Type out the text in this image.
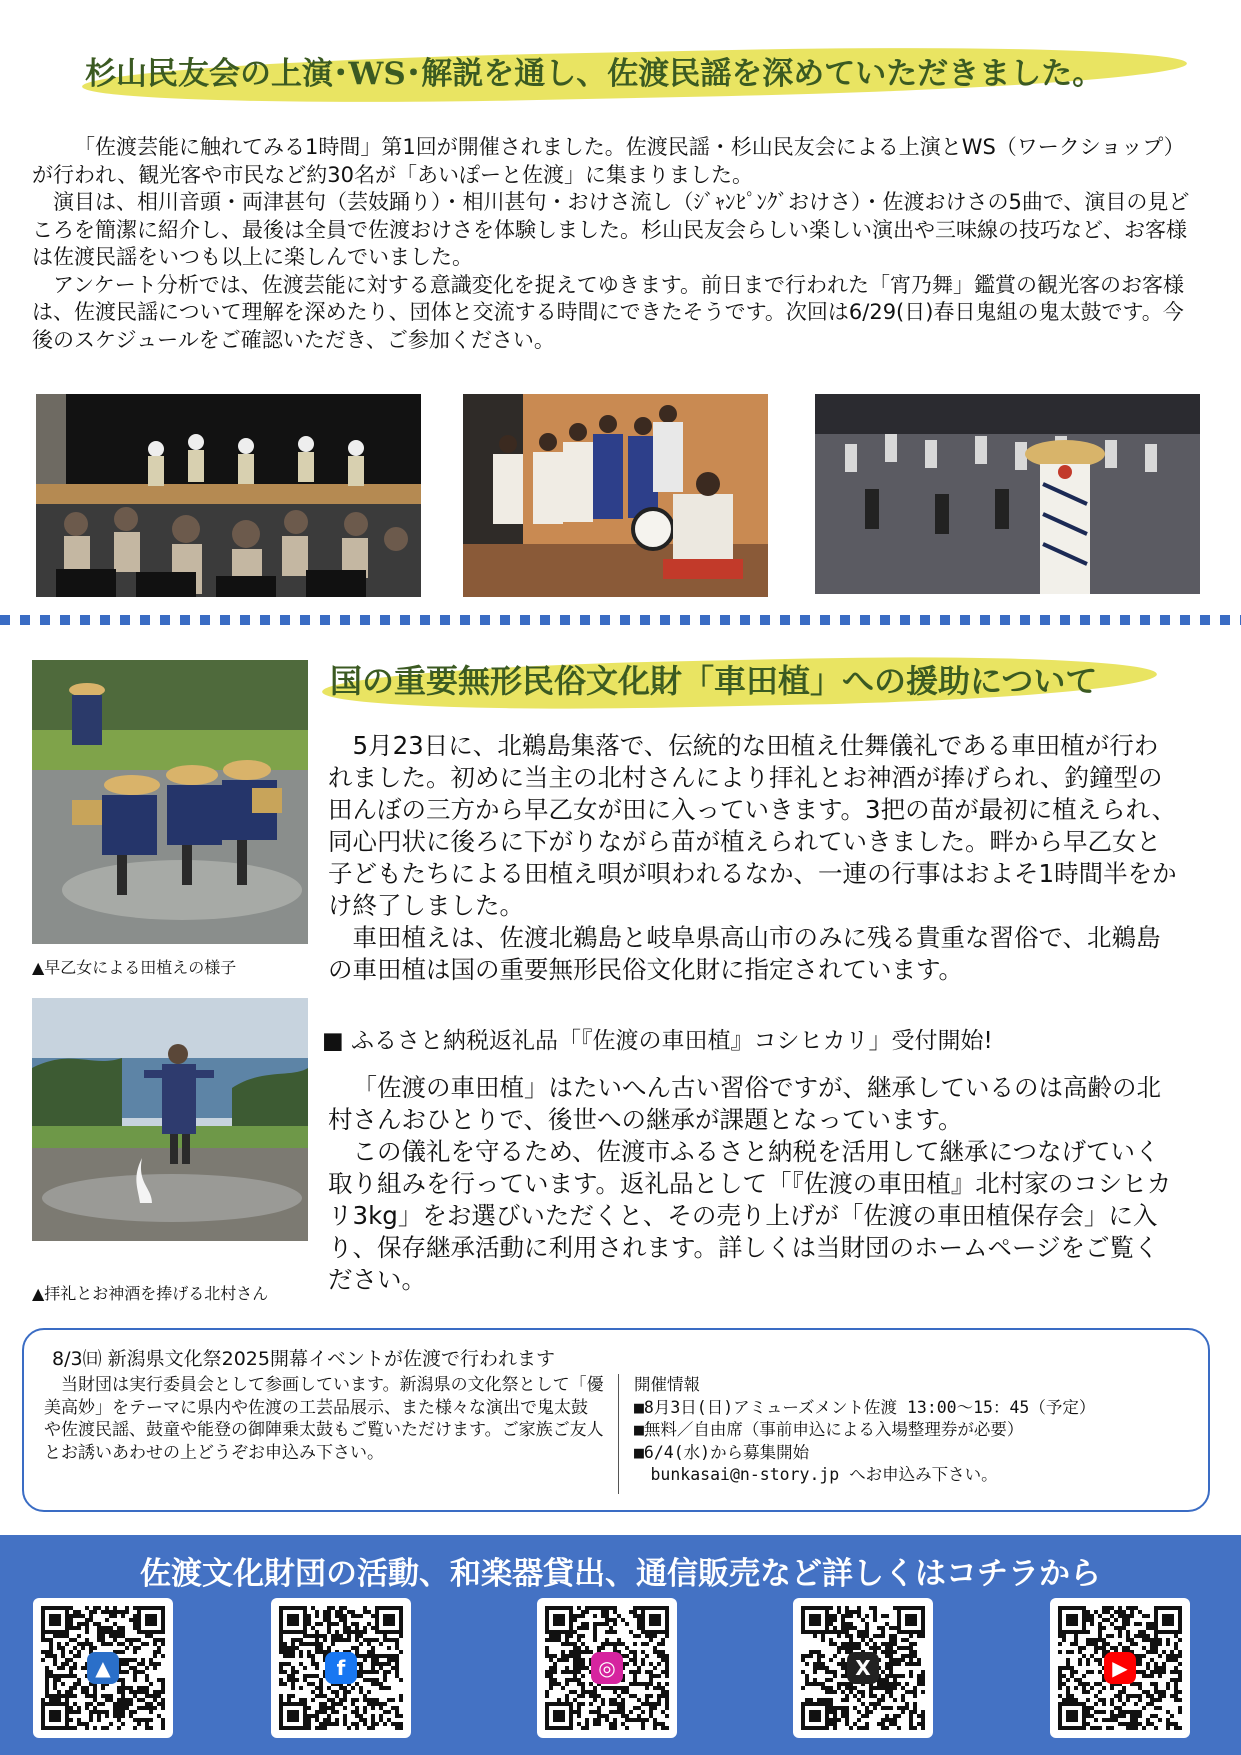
杉山民友会の上演･WS･解説を通し、佐渡民謡を深めていただきました。

「佐渡芸能に触れてみる1時間」第1回が開催されました。佐渡民謡・杉山民友会による上演とWS（ワークショップ）が行われ、観光客や市民など約30名が「あいぽーと佐渡」に集まりました。

演目は、相川音頭・両津甚句（芸妓踊り）・相川甚句・おけさ流し（ｼﾞｬﾝﾋﾟﾝｸﾞおけさ）・佐渡おけさの5曲で、演目の見どころを簡潔に紹介し、最後は全員で佐渡おけさを体験しました。杉山民友会らしい楽しい演出や三味線の技巧など、お客様は佐渡民謡をいつも以上に楽しんでいました。

アンケート分析では、佐渡芸能に対する意識変化を捉えてゆきます。前日まで行われた「宵乃舞」鑑賞の観光客のお客様は、佐渡民謡について理解を深めたり、団体と交流する時間にできたそうです。次回は6/29(日)春日鬼組の鬼太鼓です。今後のスケジュールをご確認いただき、ご参加ください。

国の重要無形民俗文化財「車田植」への援助について
▲早乙女による田植えの様子
▲拝礼とお神酒を捧げる北村さん

5月23日に、北鵜島集落で、伝統的な田植え仕舞儀礼である車田植が行われました。初めに当主の北村さんにより拝礼とお神酒が捧げられ、釣鐘型の田んぼの三方から早乙女が田に入っていきます。3把の苗が最初に植えられ、同心円状に後ろに下がりながら苗が植えられていきました。畔から早乙女と子どもたちによる田植え唄が唄われるなか、一連の行事はおよそ1時間半をかけ終了しました。

車田植えは、佐渡北鵜島と岐阜県高山市のみに残る貴重な習俗で、北鵜島の車田植は国の重要無形民俗文化財に指定されています。

■ ふるさと納税返礼品「『佐渡の車田植』コシヒカリ」受付開始!

「佐渡の車田植」はたいへん古い習俗ですが、継承しているのは高齢の北村さんおひとりで、後世への継承が課題となっています。

この儀礼を守るため、佐渡市ふるさと納税を活用して継承につなげていく取り組みを行っています。返礼品として「『佐渡の車田植』北村家のコシヒカリ3kg」をお選びいただくと、その売り上げが「佐渡の車田植保存会」に入り、保存継承活動に利用されます。詳しくは当財団のホームページをご覧ください。

8/3㈰ 新潟県文化祭2025開幕イベントが佐渡で行われます

当財団は実行委員会として参画しています。新潟県の文化祭として「優美高妙」をテーマに県内や佐渡の工芸品展示、また様々な演出で鬼太鼓や佐渡民謡、鼓童や能登の御陣乗太鼓もご覧いただけます。ご家族ご友人とお誘いあわせの上どうぞお申込み下さい。

開催情報
■8月3日(日)アミューズメント佐渡 13:00～15：45（予定）
■無料／自由席（事前申込による入場整理券が必要）
■6/4(水)から募集開始
　bunkasai@n-story.jp へお申込み下さい。
佐渡文化財団の活動、和楽器貸出、通信販売など詳しくはコチラから
▲	f	◎	X	▶
